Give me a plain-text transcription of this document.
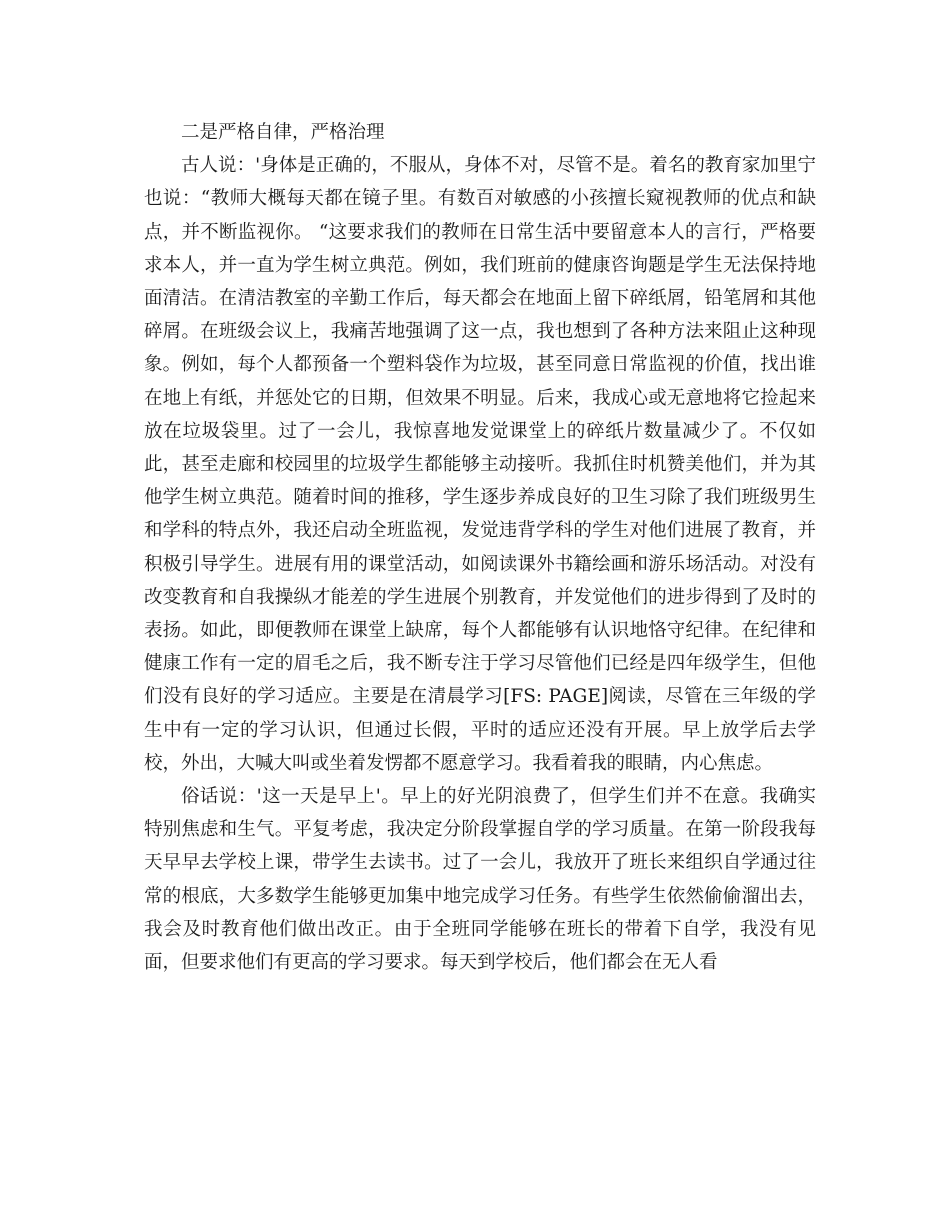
二是严格自律，严格治理

古人说：'身体是正确的，不服从，身体不对，尽管不是。着名的教育家加里宁也说：“教师大概每天都在镜子里。有数百对敏感的小孩擅长窥视教师的优点和缺点，并不断监视你。 “这要求我们的教师在日常生活中要留意本人的言行，严格要求本人，并一直为学生树立典范。例如，我们班前的健康咨询题是学生无法保持地面清洁。在清洁教室的辛勤工作后，每天都会在地面上留下碎纸屑，铅笔屑和其他碎屑。在班级会议上，我痛苦地强调了这一点，我也想到了各种方法来阻止这种现象。例如，每个人都预备一个塑料袋作为垃圾，甚至同意日常监视的价值，找出谁在地上有纸，并惩处它的日期，但效果不明显。后来，我成心或无意地将它捡起来放在垃圾袋里。过了一会儿，我惊喜地发觉课堂上的碎纸片数量减少了。不仅如此，甚至走廊和校园里的垃圾学生都能够主动接听。我抓住时机赞美他们，并为其他学生树立典范。随着时间的推移，学生逐步养成良好的卫生习除了我们班级男生和学科的特点外，我还启动全班监视，发觉违背学科的学生对他们进展了教育，并积极引导学生。进展有用的课堂活动，如阅读课外书籍绘画和游乐场活动。对没有改变教育和自我操纵才能差的学生进展个别教育，并发觉他们的进步得到了及时的表扬。如此，即便教师在课堂上缺席，每个人都能够有认识地恪守纪律。在纪律和健康工作有一定的眉毛之后，我不断专注于学习尽管他们已经是四年级学生，但他们没有良好的学习适应。主要是在清晨学习[FS: PAGE]阅读，尽管在三年级的学生中有一定的学习认识，但通过长假，平时的适应还没有开展。早上放学后去学校，外出，大喊大叫或坐着发愣都不愿意学习。我看着我的眼睛，内心焦虑。

俗话说：'这一天是早上'。早上的好光阴浪费了，但学生们并不在意。我确实特别焦虑和生气。平复考虑，我决定分阶段掌握自学的学习质量。在第一阶段我每天早早去学校上课，带学生去读书。过了一会儿，我放开了班长来组织自学通过往常的根底，大多数学生能够更加集中地完成学习任务。有些学生依然偷偷溜出去，我会及时教育他们做出改正。由于全班同学能够在班长的带着下自学，我没有见面，但要求他们有更高的学习要求。每天到学校后，他们都会在无人看
